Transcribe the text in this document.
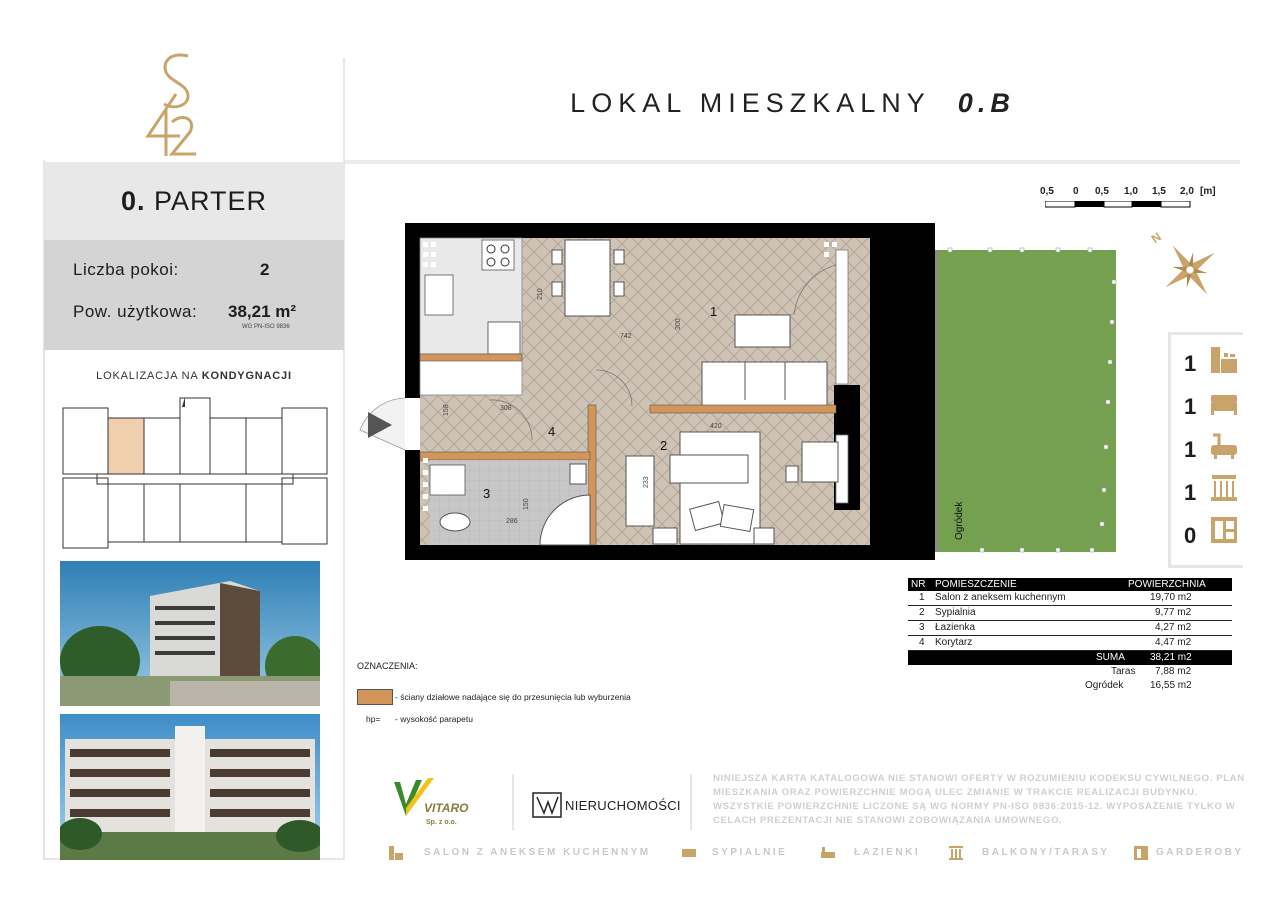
LOKAL MIESZKALNY 0.B
0. PARTER
Liczba pokoi:	2
Pow. użytkowa: 38,21 m²
WG PN-ISO 9836
LOKALIZACJA NA KONDYGNACJI
0,5 0 0,5 1,0 1,5 2,0 [m]
N
Ogródek
210
742
300
158	308
420
233
150
286
1
2
3
4
1
1
1
1
0
NR POMIESZCZENIE	POWIERZCHNIA
1 Salon z aneksem kuchennym	19,70 m2
2 Sypialnia	9,77 m2
3 Łazienka	4,27 m2
4 Korytarz	4,47 m2
SUMA	38,21 m2
Taras 7,88 m2
Ogródek	16,55 m2
OZNACZENIA:
- ściany działowe nadające się do przesunięcia lub wyburzenia
hp= - wysokość parapetu
VITARO
Sp. z o.o.
NIERUCHOMOŚCI
NINIEJSZA KARTA KATALOGOWA NIE STANOWI OFERTY W ROZUMIENIU KODEKSU CYWILNEGO. PLAN MIESZKANIA ORAZ POWIERZCHNIE MOGĄ ULEC ZMIANIE W TRAKCIE REALIZACJI BUDYNKU. WSZYSTKIE POWIERZCHNIE LICZONE SĄ WG NORMY PN-ISO 9836:2015-12. WYPOSAŻENIE TYLKO W CELACH PREZENTACJI NIE STANOWI ZOBOWIĄZANIA UMOWNEGO.
SALON Z ANEKSEM KUCHENNYM	SYPIALNIE	ŁAZIENKI	BALKONY/TARASY	GARDEROBY
